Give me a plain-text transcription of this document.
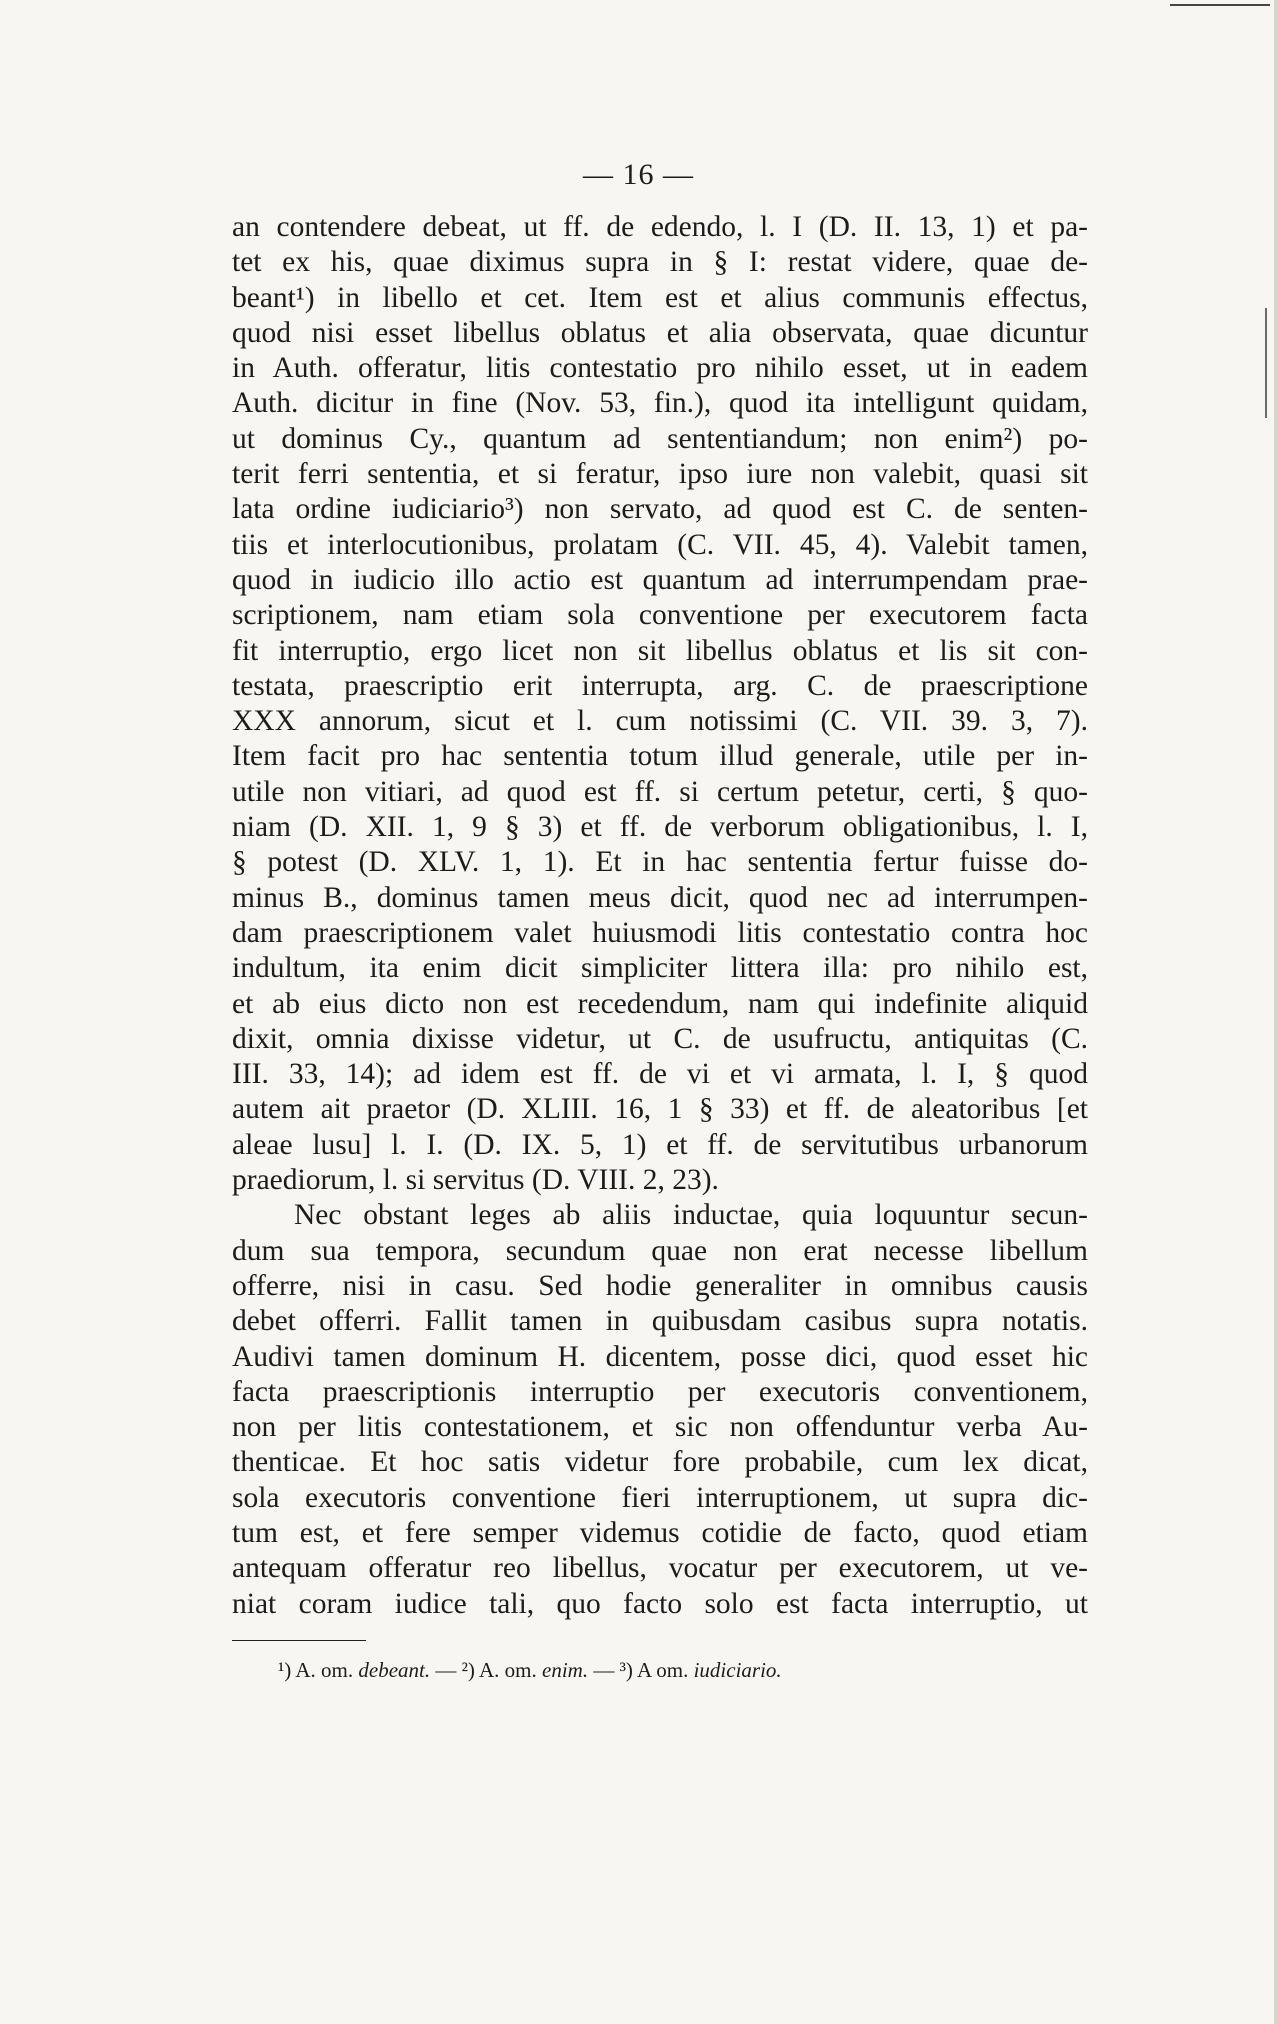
— 16 —
an contendere debeat, ut ff. de edendo, l. I (D. II. 13, 1) et pa-
tet ex his, quae diximus supra in § I: restat videre, quae de-
beant¹) in libello et cet. Item est et alius communis effectus,
quod nisi esset libellus oblatus et alia observata, quae dicuntur
in Auth. offeratur, litis contestatio pro nihilo esset, ut in eadem
Auth. dicitur in fine (Nov. 53, fin.), quod ita intelligunt quidam,
ut dominus Cy., quantum ad sententiandum; non enim²) po-
terit ferri sententia, et si feratur, ipso iure non valebit, quasi sit
lata ordine iudiciario³) non servato, ad quod est C. de senten-
tiis et interlocutionibus, prolatam (C. VII. 45, 4). Valebit tamen,
quod in iudicio illo actio est quantum ad interrumpendam prae-
scriptionem, nam etiam sola conventione per executorem facta
fit interruptio, ergo licet non sit libellus oblatus et lis sit con-
testata, praescriptio erit interrupta, arg. C. de praescriptione
XXX annorum, sicut et l. cum notissimi (C. VII. 39. 3, 7).
Item facit pro hac sententia totum illud generale, utile per in-
utile non vitiari, ad quod est ff. si certum petetur, certi, § quo-
niam (D. XII. 1, 9 § 3) et ff. de verborum obligationibus, l. I,
§ potest (D. XLV. 1, 1). Et in hac sententia fertur fuisse do-
minus B., dominus tamen meus dicit, quod nec ad interrumpen-
dam praescriptionem valet huiusmodi litis contestatio contra hoc
indultum, ita enim dicit simpliciter littera illa: pro nihilo est,
et ab eius dicto non est recedendum, nam qui indefinite aliquid
dixit, omnia dixisse videtur, ut C. de usufructu, antiquitas (C.
III. 33, 14); ad idem est ff. de vi et vi armata, l. I, § quod
autem ait praetor (D. XLIII. 16, 1 § 33) et ff. de aleatoribus [et
aleae lusu] l. I. (D. IX. 5, 1) et ff. de servitutibus urbanorum
praediorum, l. si servitus (D. VIII. 2, 23).
Nec obstant leges ab aliis inductae, quia loquuntur secun-
dum sua tempora, secundum quae non erat necesse libellum
offerre, nisi in casu. Sed hodie generaliter in omnibus causis
debet offerri. Fallit tamen in quibusdam casibus supra notatis.
Audivi tamen dominum H. dicentem, posse dici, quod esset hic
facta praescriptionis interruptio per executoris conventionem,
non per litis contestationem, et sic non offenduntur verba Au-
thenticae. Et hoc satis videtur fore probabile, cum lex dicat,
sola executoris conventione fieri interruptionem, ut supra dic-
tum est, et fere semper videmus cotidie de facto, quod etiam
antequam offeratur reo libellus, vocatur per executorem, ut ve-
niat coram iudice tali, quo facto solo est facta interruptio, ut
¹) A. om. debeant. — ²) A. om. enim. — ³) A om. iudiciario.
